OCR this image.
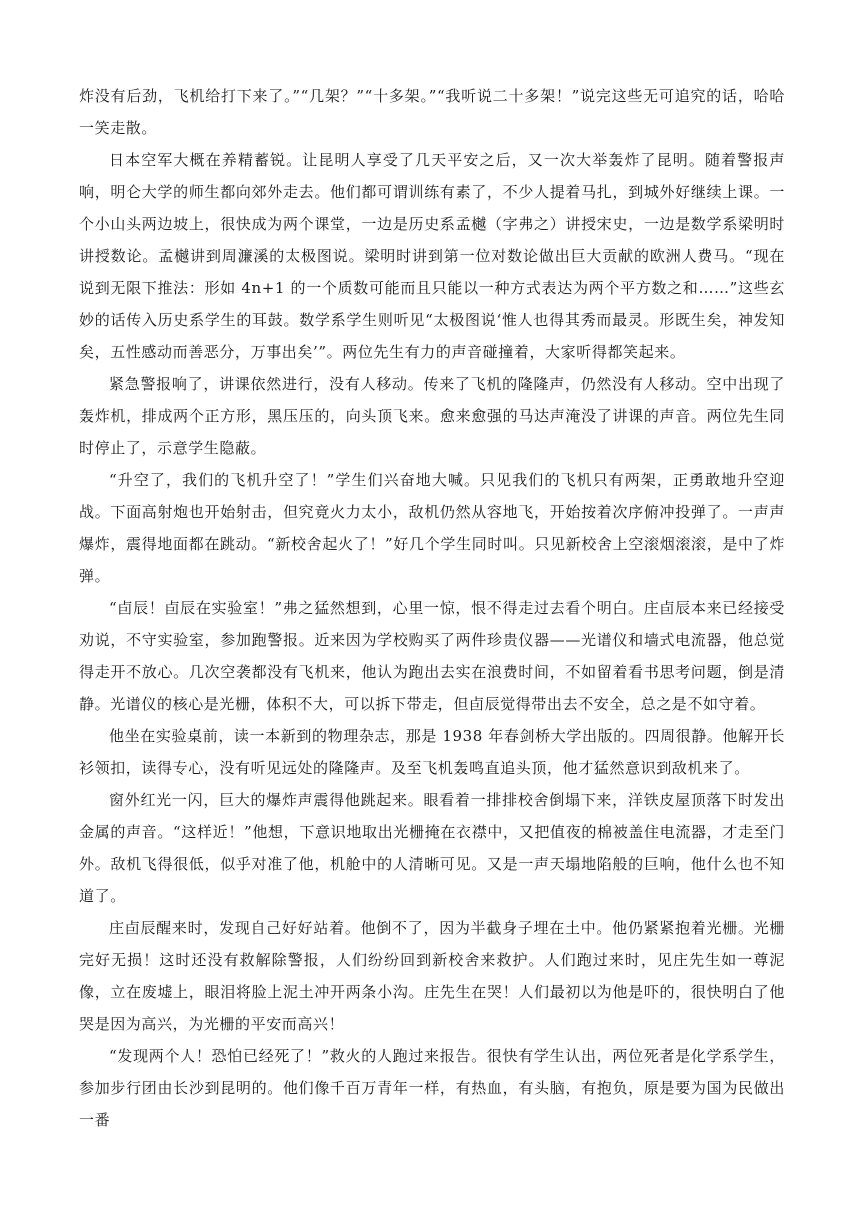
炸没有后劲，飞机给打下来了。”“几架？”“十多架。”“我听说二十多架！”说完这些无可追究的话，哈哈一笑走散。

日本空军大概在养精蓄锐。让昆明人享受了几天平安之后，又一次大举轰炸了昆明。随着警报声响，明仑大学的师生都向郊外走去。他们都可谓训练有素了，不少人提着马扎，到城外好继续上课。一个小山头两边坡上，很快成为两个课堂，一边是历史系孟樾（字弗之）讲授宋史，一边是数学系梁明时讲授数论。孟樾讲到周濂溪的太极图说。梁明时讲到第一位对数论做出巨大贡献的欧洲人费马。“现在说到无限下推法：形如 4n+1 的一个质数可能而且只能以一种方式表达为两个平方数之和……”这些玄妙的话传入历史系学生的耳鼓。数学系学生则听见“太极图说‘惟人也得其秀而最灵。形既生矣，神发知矣，五性感动而善恶分，万事出矣’”。两位先生有力的声音碰撞着，大家听得都笑起来。

紧急警报响了，讲课依然进行，没有人移动。传来了飞机的隆隆声，仍然没有人移动。空中出现了轰炸机，排成两个正方形，黑压压的，向头顶飞来。愈来愈强的马达声淹没了讲课的声音。两位先生同时停止了，示意学生隐蔽。

“升空了，我们的飞机升空了！”学生们兴奋地大喊。只见我们的飞机只有两架，正勇敢地升空迎战。下面高射炮也开始射击，但究竟火力太小，敌机仍然从容地飞，开始按着次序俯冲投弹了。一声声爆炸，震得地面都在跳动。“新校舍起火了！”好几个学生同时叫。只见新校舍上空滚烟滚滚，是中了炸弹。

“卣辰！卣辰在实验室！”弗之猛然想到，心里一惊，恨不得走过去看个明白。庄卣辰本来已经接受劝说，不守实验室，参加跑警报。近来因为学校购买了两件珍贵仪器——光谱仪和墙式电流器，他总觉得走开不放心。几次空袭都没有飞机来，他认为跑出去实在浪费时间，不如留着看书思考问题，倒是清静。光谱仪的核心是光栅，体积不大，可以拆下带走，但卣辰觉得带出去不安全，总之是不如守着。

他坐在实验桌前，读一本新到的物理杂志，那是 1938 年春剑桥大学出版的。四周很静。他解开长衫领扣，读得专心，没有听见远处的隆隆声。及至飞机轰鸣直追头顶，他才猛然意识到敌机来了。

窗外红光一闪，巨大的爆炸声震得他跳起来。眼看着一排排校舍倒塌下来，洋铁皮屋顶落下时发出金属的声音。“这样近！”他想，下意识地取出光栅掩在衣襟中，又把值夜的棉被盖住电流器，才走至门外。敌机飞得很低，似乎对准了他，机舱中的人清晰可见。又是一声天塌地陷般的巨响，他什么也不知道了。

庄卣辰醒来时，发现自己好好站着。他倒不了，因为半截身子埋在土中。他仍紧紧抱着光栅。光栅完好无损！这时还没有救解除警报，人们纷纷回到新校舍来救护。人们跑过来时，见庄先生如一尊泥像，立在废墟上，眼泪将脸上泥土冲开两条小沟。庄先生在哭！人们最初以为他是吓的，很快明白了他哭是因为高兴，为光栅的平安而高兴！

“发现两个人！恐怕已经死了！”救火的人跑过来报告。很快有学生认出，两位死者是化学系学生，参加步行团由长沙到昆明的。他们像千百万青年一样，有热血，有头脑，有抱负，原是要为国为民做出一番
